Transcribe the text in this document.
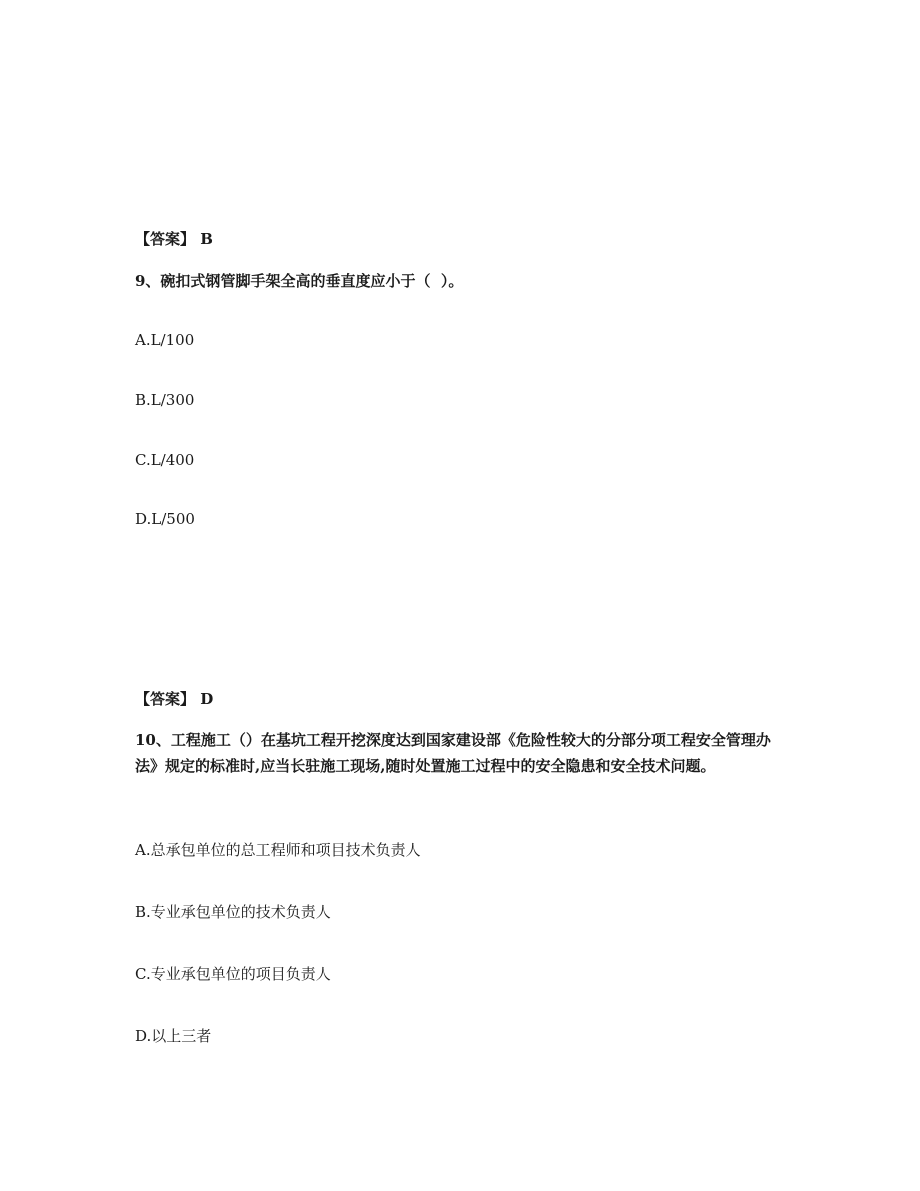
【答案】 B
9、碗扣式钢管脚手架全高的垂直度应小于（  ）。
A.L/100
B.L/300
C.L/400
D.L/500
【答案】 D
10、工程施工（）在基坑工程开挖深度达到国家建设部《危险性较大的分部分项工程安全管理办法》规定的标准时,应当长驻施工现场,随时处置施工过程中的安全隐患和安全技术问题。
A.总承包单位的总工程师和项目技术负责人
B.专业承包单位的技术负责人
C.专业承包单位的项目负责人
D.以上三者
